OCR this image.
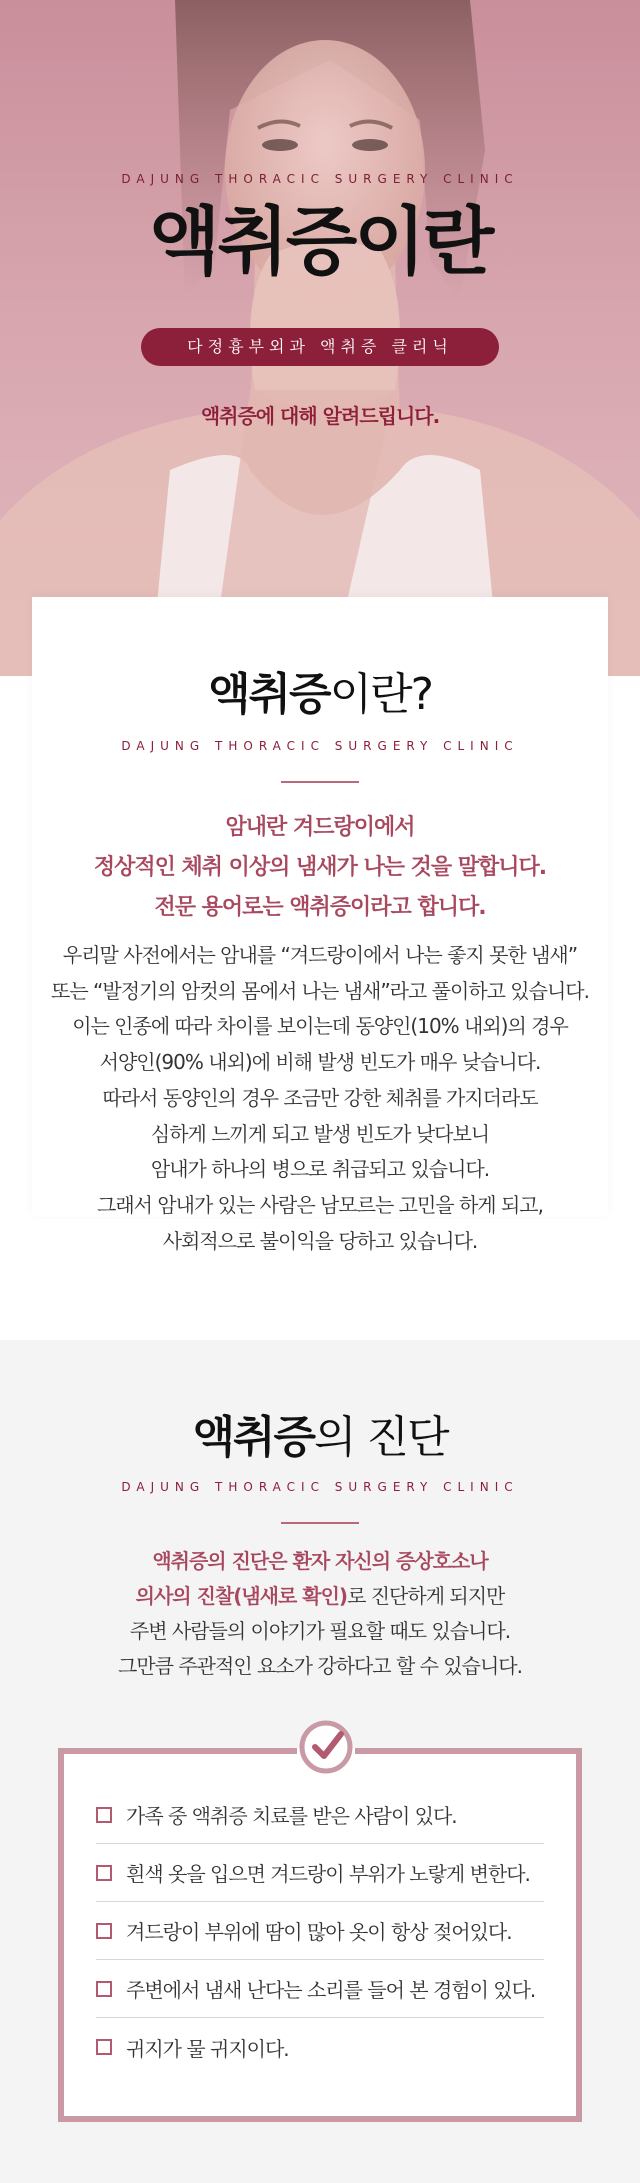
DAJUNG THORACIC SURGERY CLINIC
액취증이란
다정흉부외과 액취증 클리닉
액취증에 대해 알려드립니다.
액취증이란?
DAJUNG THORACIC SURGERY CLINIC
암내란 겨드랑이에서
정상적인 체취 이상의 냄새가 나는 것을 말합니다.
전문 용어로는 액취증이라고 합니다.
우리말 사전에서는 암내를 “겨드랑이에서 나는 좋지 못한 냄새”
또는 “발정기의 암컷의 몸에서 나는 냄새”라고 풀이하고 있습니다.
이는 인종에 따라 차이를 보이는데 동양인(10% 내외)의 경우
서양인(90% 내외)에 비해 발생 빈도가 매우 낮습니다.
따라서 동양인의 경우 조금만 강한 체취를 가지더라도
심하게 느끼게 되고 발생 빈도가 낮다보니
암내가 하나의 병으로 취급되고 있습니다.
그래서 암내가 있는 사람은 남모르는 고민을 하게 되고,
사회적으로 불이익을 당하고 있습니다.
액취증의 진단
DAJUNG THORACIC SURGERY CLINIC
액취증의 진단은 환자 자신의 증상호소나
의사의 진찰(냄새로 확인)로 진단하게 되지만
주변 사람들의 이야기가 필요할 때도 있습니다.
그만큼 주관적인 요소가 강하다고 할 수 있습니다.
가족 중 액취증 치료를 받은 사람이 있다.
흰색 옷을 입으면 겨드랑이 부위가 노랗게 변한다.
겨드랑이 부위에 땀이 많아 옷이 항상 젖어있다.
주변에서 냄새 난다는 소리를 들어 본 경험이 있다.
귀지가 물 귀지이다.
